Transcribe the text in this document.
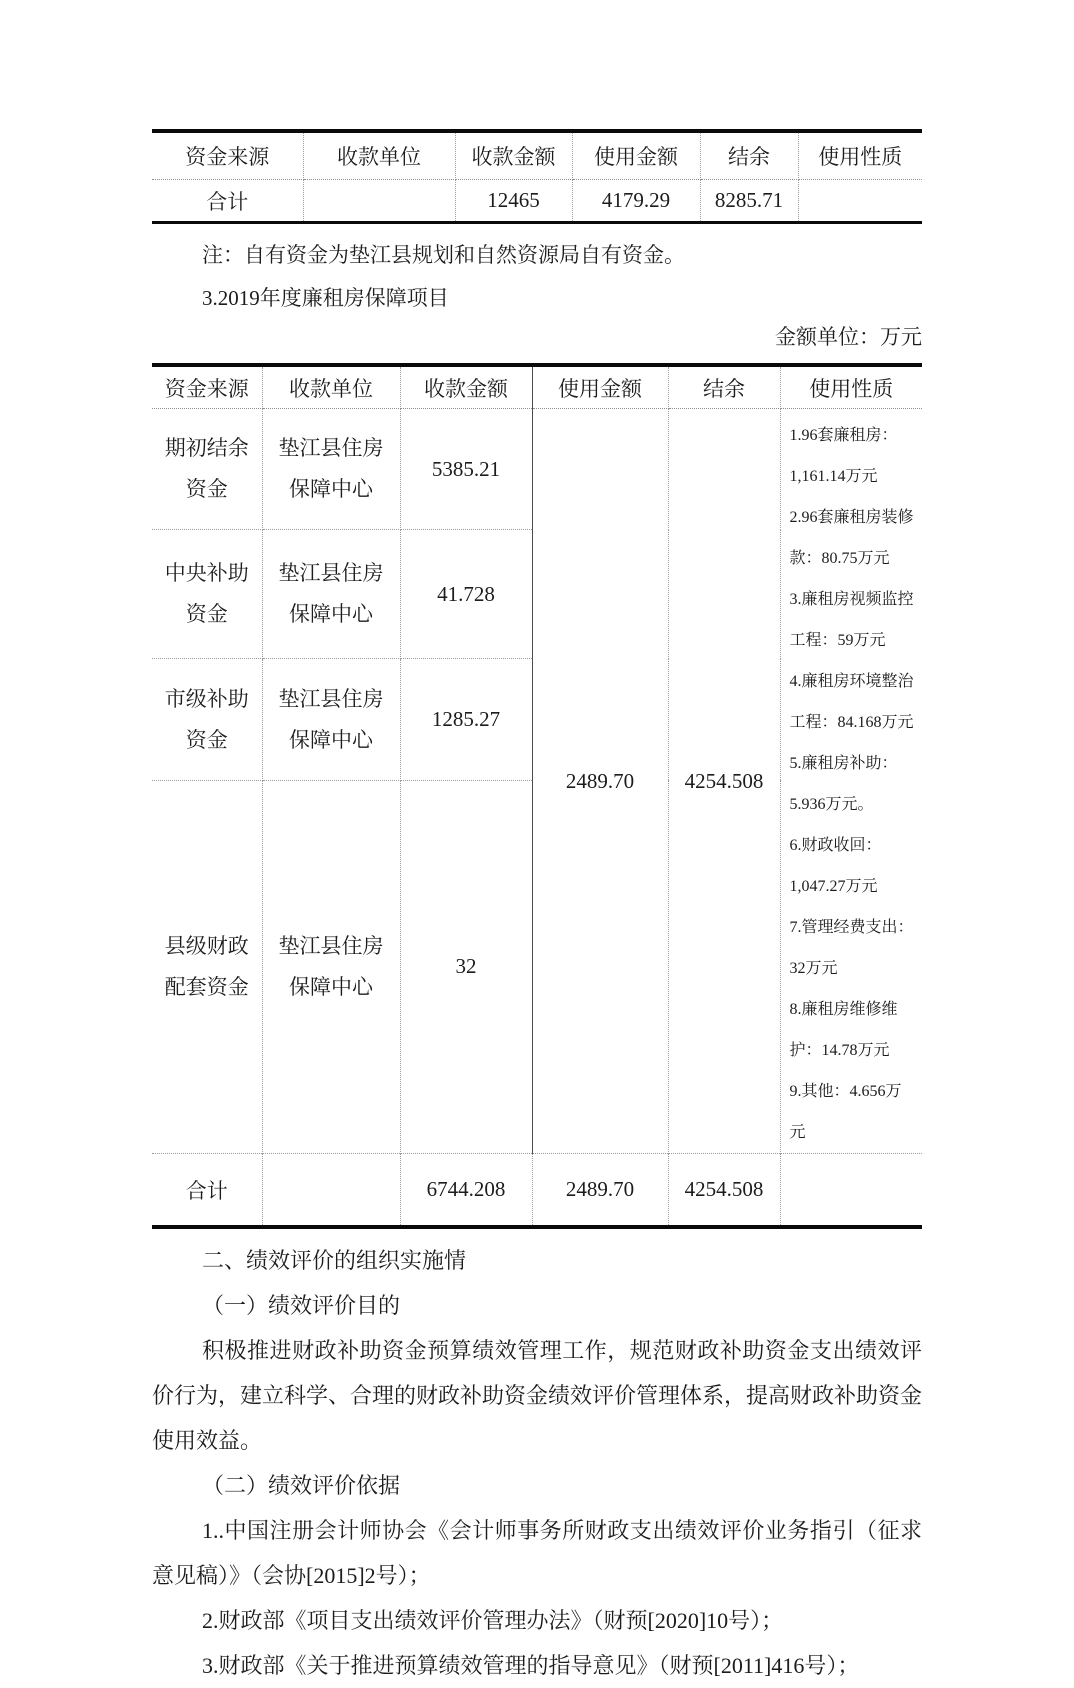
资金来源	收款单位	收款金额	使用金额	结余	使用性质
合计		12465	4179.29	8285.71	
注：自有资金为垫江县规划和自然资源局自有资金。
3.2019年度廉租房保障项目
金额单位：万元
资金来源	收款单位	收款金额	使用金额	结余	使用性质
期初结余资金	垫江县住房保障中心	5385.21	2489.70	4254.508	
1.96套廉租房：1,161.14万元
2.96套廉租房装修款：80.75万元
3.廉租房视频监控工程：59万元
4.廉租房环境整治工程：84.168万元
5.廉租房补助：5.936万元。
6.财政收回：1,047.27万元
7.管理经费支出：32万元
8.廉租房维修维护：14.78万元
9.其他：4.656万元

中央补助资金	垫江县住房保障中心	41.728			
市级补助资金	垫江县住房保障中心	1285.27			
县级财政配套资金	垫江县住房保障中心	32			
合计		6744.208	2489.70	4254.508	
二、绩效评价的组织实施情
（一）绩效评价目的
积极推进财政补助资金预算绩效管理工作，规范财政补助资金支出绩效评价行为，建立科学、合理的财政补助资金绩效评价管理体系，提高财政补助资金使用效益。
（二）绩效评价依据
1..中国注册会计师协会《会计师事务所财政支出绩效评价业务指引（征求意见稿）》（会协[2015]2号）；
2.财政部《项目支出绩效评价管理办法》（财预[2020]10号）；
3.财政部《关于推进预算绩效管理的指导意见》（财预[2011]416号）；
